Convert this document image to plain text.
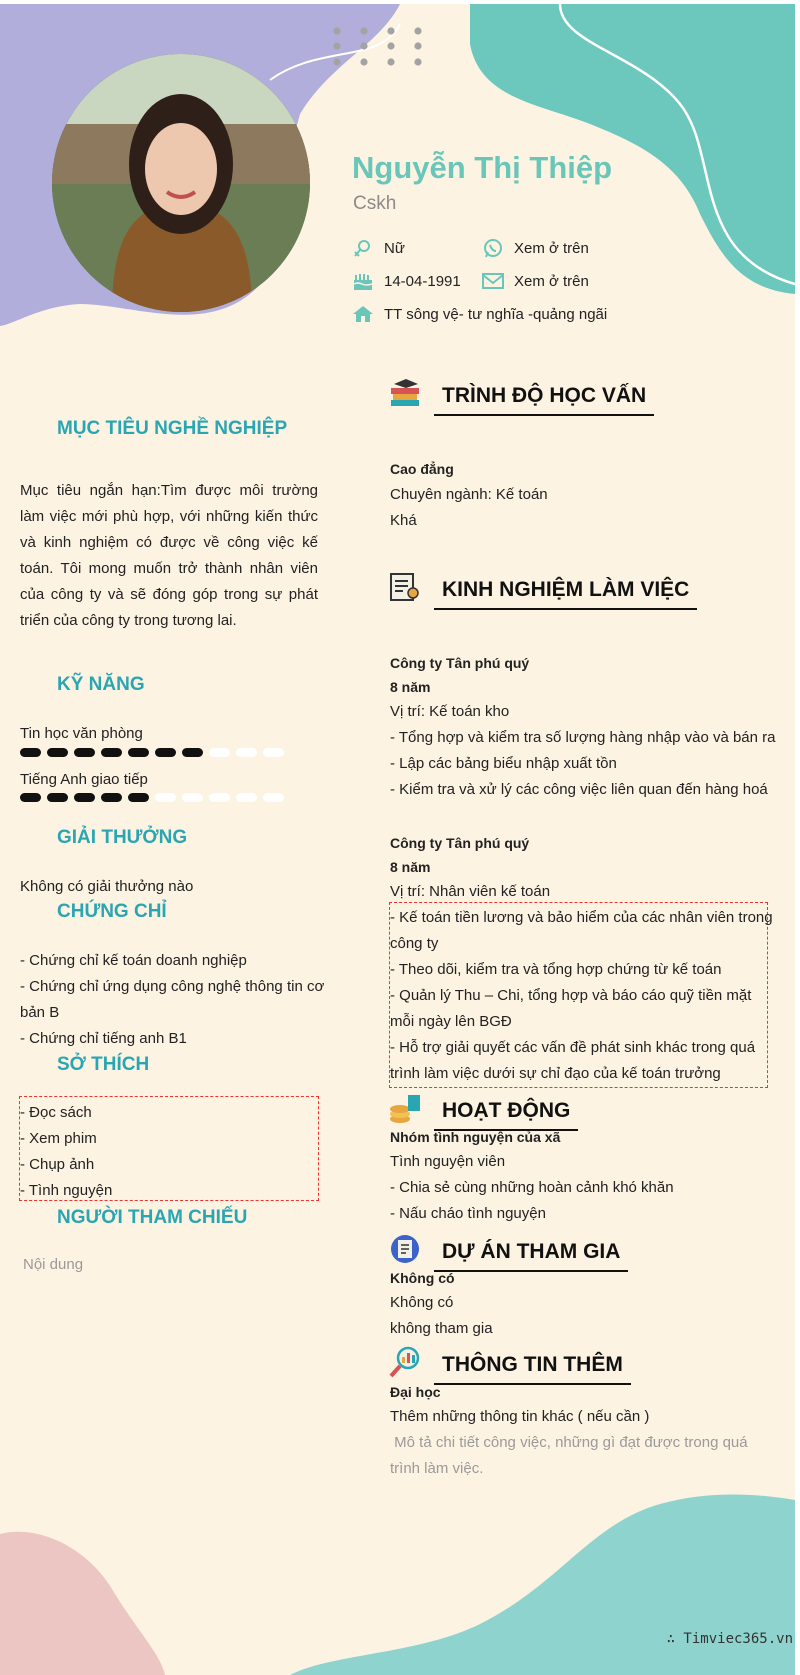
Nguyễn Thị Thiệp
Cskh
Nữ	Xem ở trên
14-04-1991	Xem ở trên
TT sông vệ- tư nghĩa -quảng ngãi
MỤC TIÊU NGHỀ NGHIỆP
Mục tiêu ngắn hạn:Tìm được môi trường làm việc mới phù hợp, với những kiến thức và kinh nghiệm có được về công việc kế toán. Tôi mong muốn trở thành nhân viên của công ty và sẽ đóng góp trong sự phát triển của công ty trong tương lai.
KỸ NĂNG
Tin học văn phòng
Tiếng Anh giao tiếp
GIẢI THƯỞNG
Không có giải thưởng nào
CHỨNG CHỈ
- Chứng chỉ kế toán doanh nghiệp
- Chứng chỉ ứng dụng công nghệ thông tin cơ
bản B
- Chứng chỉ tiếng anh B1
SỞ THÍCH
- Đọc sách
- Xem phim
- Chụp ảnh
- Tình nguyện
NGƯỜI THAM CHIẾU
Nội dung
TRÌNH ĐỘ HỌC VẤN
Cao đẳng
Chuyên ngành: Kế toán
Khá
KINH NGHIỆM LÀM VIỆC
Công ty Tân phú quý
8 năm
Vị trí: Kế toán kho
- Tổng hợp và kiểm tra số lượng hàng nhập vào và bán ra
- Lập các bảng biểu nhập xuất tồn
- Kiểm tra và xử lý các công việc liên quan đến hàng hoá
Công ty Tân phú quý
8 năm
Vị trí: Nhân viên kế toán
- Kế toán tiền lương và bảo hiểm của các nhân viên trong
công ty
- Theo dõi, kiểm tra và tổng hợp chứng từ kế toán
- Quản lý Thu – Chi, tổng hợp và báo cáo quỹ tiền mặt
mỗi ngày lên BGĐ
- Hỗ trợ giải quyết các vấn đề phát sinh khác trong quá
trình làm việc dưới sự chỉ đạo của kế toán trưởng
HOẠT ĐỘNG
Nhóm tình nguyện của xã
Tình nguyện viên
- Chia sẻ cùng những hoàn cảnh khó khăn
- Nấu cháo tình nguyện
DỰ ÁN THAM GIA
Không có
Không có
không tham gia
THÔNG TIN THÊM
Đại học
Thêm những thông tin khác ( nếu cần )
Mô tả chi tiết công việc, những gì đạt được trong quá
trình làm việc.
∴ Timviec365.vn
